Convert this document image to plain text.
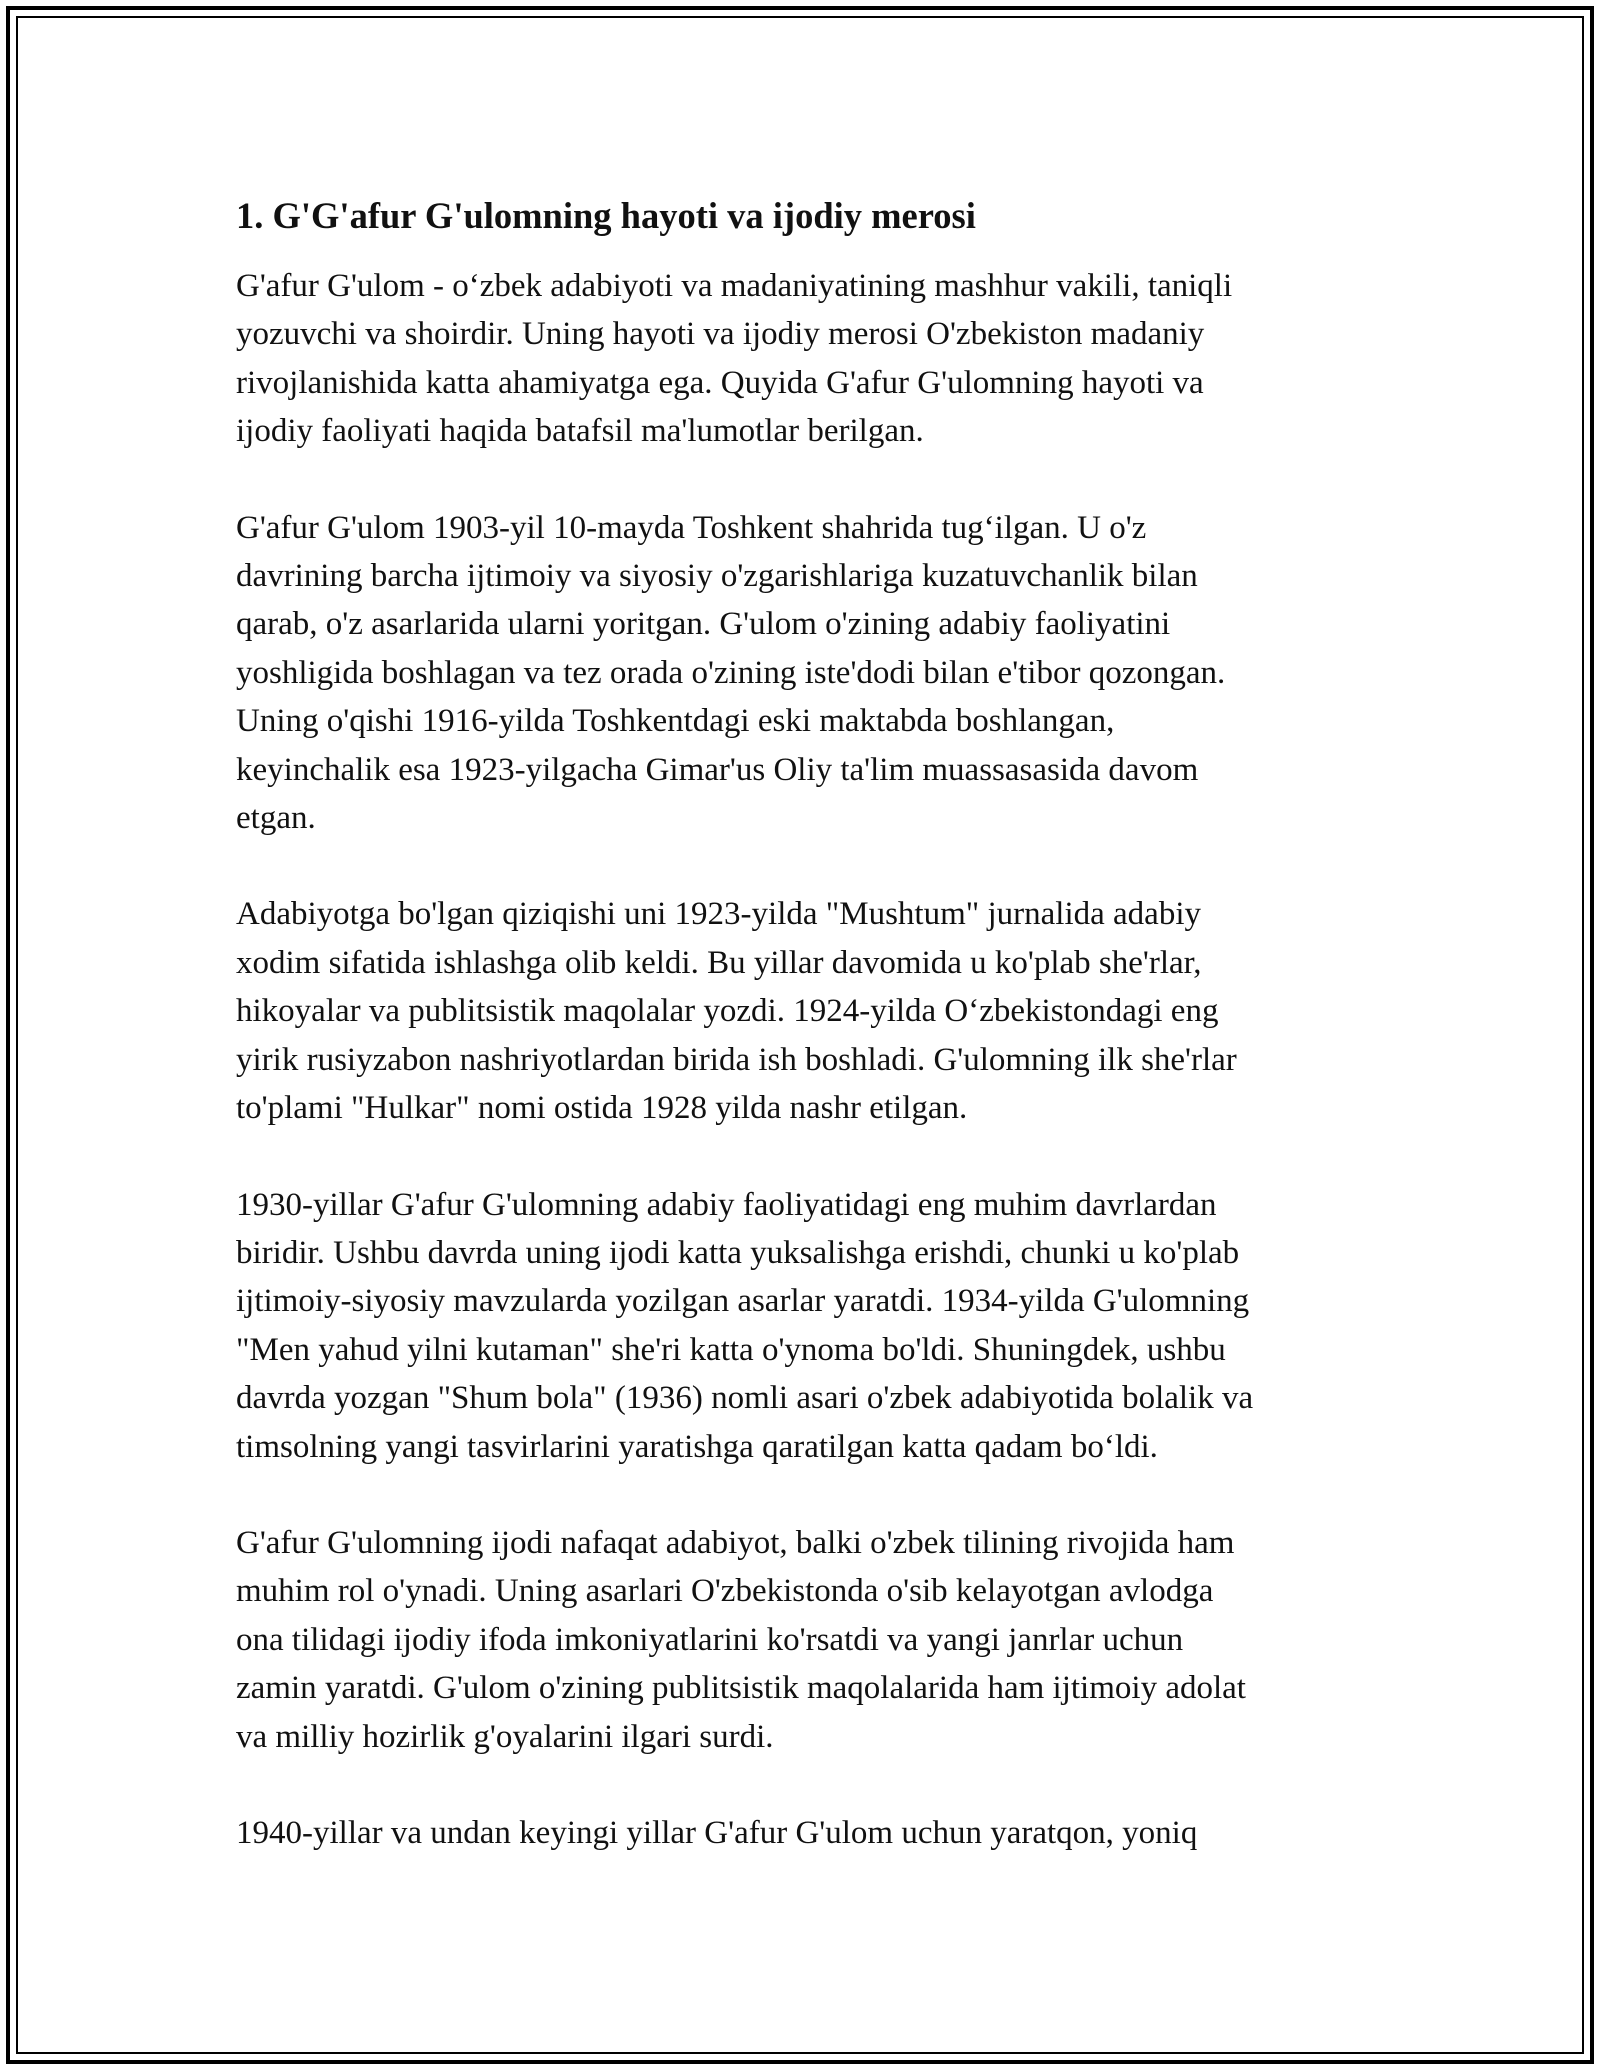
1. G'G'afur G'ulomning hayoti va ijodiy merosi

G'afur G'ulom - o‘zbek adabiyoti va madaniyatining mashhur vakili, taniqli
yozuvchi va shoirdir. Uning hayoti va ijodiy merosi O'zbekiston madaniy
rivojlanishida katta ahamiyatga ega. Quyida G'afur G'ulomning hayoti va
ijodiy faoliyati haqida batafsil ma'lumotlar berilgan.

G'afur G'ulom 1903-yil 10-mayda Toshkent shahrida tug‘ilgan. U o'z
davrining barcha ijtimoiy va siyosiy o'zgarishlariga kuzatuvchanlik bilan
qarab, o'z asarlarida ularni yoritgan. G'ulom o'zining adabiy faoliyatini
yoshligida boshlagan va tez orada o'zining iste'dodi bilan e'tibor qozongan.
Uning o'qishi 1916-yilda Toshkentdagi eski maktabda boshlangan,
keyinchalik esa 1923-yilgacha Gimar'us Oliy ta'lim muassasasida davom
etgan.

Adabiyotga bo'lgan qiziqishi uni 1923-yilda "Mushtum" jurnalida adabiy
xodim sifatida ishlashga olib keldi. Bu yillar davomida u ko'plab she'rlar,
hikoyalar va publitsistik maqolalar yozdi. 1924-yilda O‘zbekistondagi eng
yirik rusiyzabon nashriyotlardan birida ish boshladi. G'ulomning ilk she'rlar
to'plami "Hulkar" nomi ostida 1928 yilda nashr etilgan.

1930-yillar G'afur G'ulomning adabiy faoliyatidagi eng muhim davrlardan
biridir. Ushbu davrda uning ijodi katta yuksalishga erishdi, chunki u ko'plab
ijtimoiy-siyosiy mavzularda yozilgan asarlar yaratdi. 1934-yilda G'ulomning
"Men yahud yilni kutaman" she'ri katta o'ynoma bo'ldi. Shuningdek, ushbu
davrda yozgan "Shum bola" (1936) nomli asari o'zbek adabiyotida bolalik va
timsolning yangi tasvirlarini yaratishga qaratilgan katta qadam bo‘ldi.

G'afur G'ulomning ijodi nafaqat adabiyot, balki o'zbek tilining rivojida ham
muhim rol o'ynadi. Uning asarlari O'zbekistonda o'sib kelayotgan avlodga
ona tilidagi ijodiy ifoda imkoniyatlarini ko'rsatdi va yangi janrlar uchun
zamin yaratdi. G'ulom o'zining publitsistik maqolalarida ham ijtimoiy adolat
va milliy hozirlik g'oyalarini ilgari surdi.

1940-yillar va undan keyingi yillar G'afur G'ulom uchun yaratqon, yoniq
